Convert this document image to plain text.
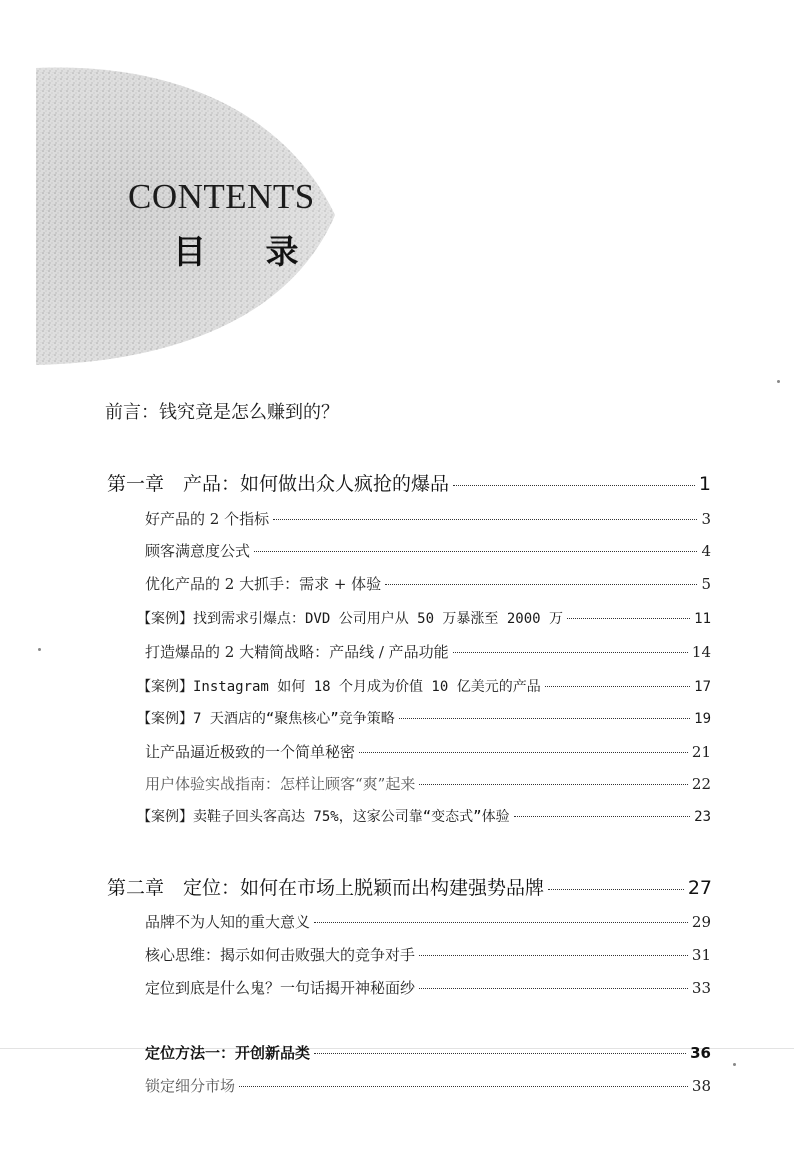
CONTENTS
目 录
前言：钱究竟是怎么赚到的？
第一章　产品：如何做出众人疯抢的爆品	1
好产品的 2 个指标	3
顾客满意度公式	4
优化产品的 2 大抓手：需求 + 体验	5
【案例】找到需求引爆点：DVD 公司用户从 50 万暴涨至 2000 万	11
打造爆品的 2 大精简战略：产品线 / 产品功能	14
【案例】Instagram 如何 18 个月成为价值 10 亿美元的产品	17
【案例】7 天酒店的“聚焦核心”竞争策略	19
让产品逼近极致的一个简单秘密	21
用户体验实战指南：怎样让顾客“爽”起来	22
【案例】卖鞋子回头客高达 75%，这家公司靠“变态式”体验	23
第二章　定位：如何在市场上脱颖而出构建强势品牌	27
品牌不为人知的重大意义	29
核心思维：揭示如何击败强大的竞争对手	31
定位到底是什么鬼？一句话揭开神秘面纱	33
定位方法一：开创新品类	36
锁定细分市场	38
